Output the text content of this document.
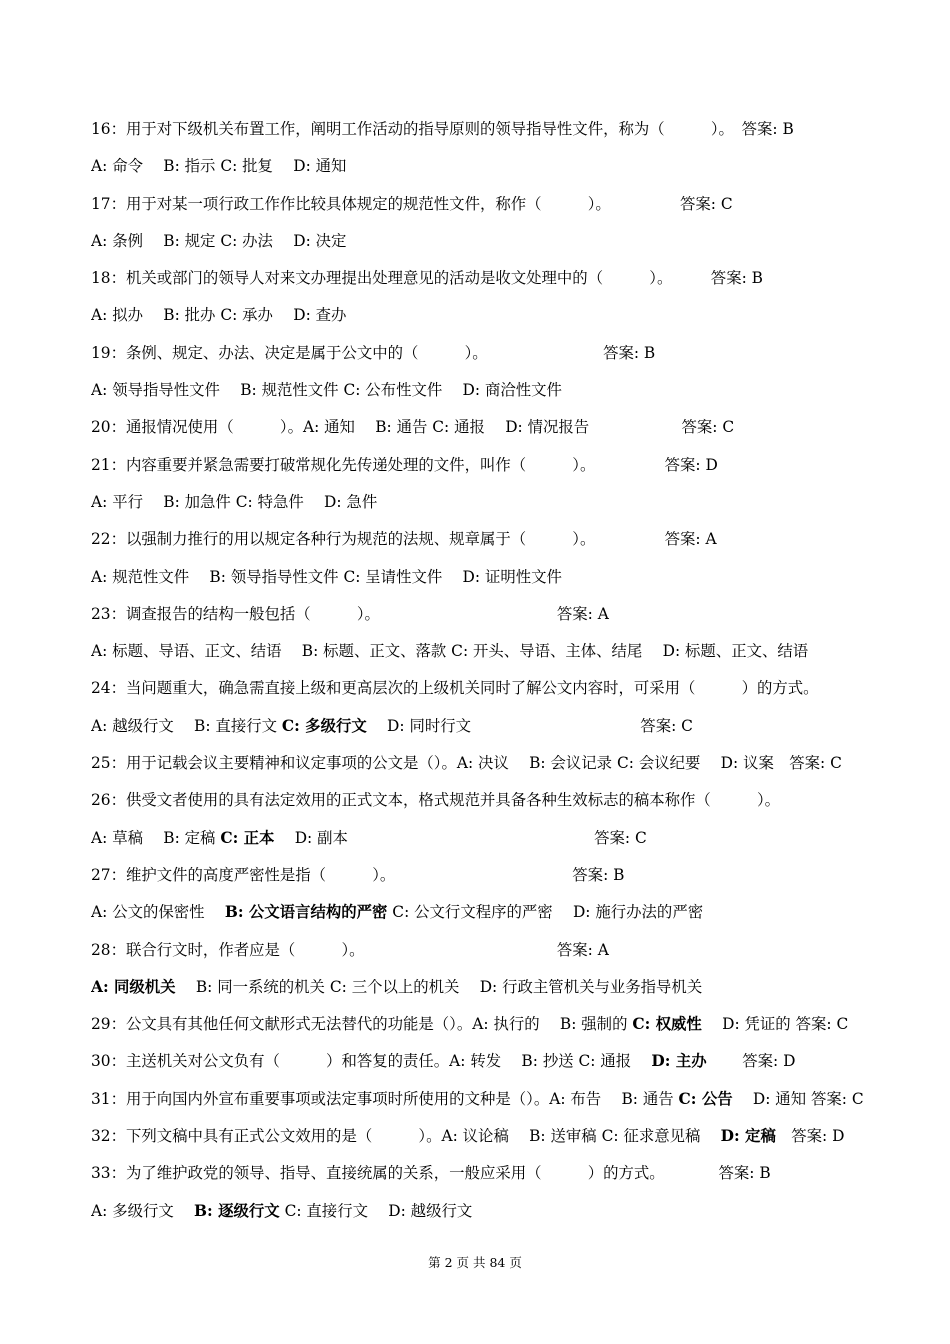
16：用于对下级机关布置工作，阐明工作活动的指导原则的领导指导性文件，称为（　　　）。　答案: B
A: 命令　 B: 指示 C: 批复　 D: 通知
17：用于对某一项行政工作作比较具体规定的规范性文件，称作（　　　）。　　　　　答案: C
A: 条例　 B: 规定 C: 办法　 D: 决定
18：机关或部门的领导人对来文办理提出处理意见的活动是收文处理中的（　　　）。　　　答案: B
A: 拟办　 B: 批办 C: 承办　 D: 查办
19：条例、规定、办法、决定是属于公文中的（　　　）。　　　　　　　　答案: B
A: 领导指导性文件　 B: 规范性文件 C: 公布性文件　 D: 商洽性文件
20：通报情况使用（　　　）。A: 通知　 B: 通告 C: 通报　 D: 情况报告　　　　　　答案: C
21：内容重要并紧急需要打破常规化先传递处理的文件，叫作（　　　）。　　　　　答案: D
A: 平行　 B: 加急件 C: 特急件　 D: 急件
22：以强制力推行的用以规定各种行为规范的法规、规章属于（　　　）。　　　　　答案: A
A: 规范性文件　 B: 领导指导性文件 C: 呈请性文件　 D: 证明性文件
23：调查报告的结构一般包括（　　　）。　　　　　　　　　　　　答案: A
A: 标题、导语、正文、结语　 B: 标题、正文、落款 C: 开头、导语、主体、结尾　 D: 标题、正文、结语
24：当问题重大，确急需直接上级和更高层次的上级机关同时了解公文内容时，可采用（　　　）的方式。
A: 越级行文　 B: 直接行文 C: 多级行文　 D: 同时行文　　　　　　　　　　　答案: C
25：用于记载会议主要精神和议定事项的公文是（）。A: 决议　 B: 会议记录 C: 会议纪要　 D: 议案　答案: C
26：供受文者使用的具有法定效用的正式文本，格式规范并具备各种生效标志的稿本称作（　　　）。
A: 草稿　 B: 定稿 C: 正本　 D: 副本　　　　　　　　　　　　　　　　答案: C
27：维护文件的高度严密性是指（　　　）。　　　　　　　　　　　　答案: B
A: 公文的保密性　 B: 公文语言结构的严密 C: 公文行文程序的严密　 D: 施行办法的严密
28：联合行文时，作者应是（　　　）。　　　　　　　　　　　　　答案: A
A: 同级机关　 B: 同一系统的机关 C: 三个以上的机关　 D: 行政主管机关与业务指导机关
29：公文具有其他任何文献形式无法替代的功能是（）。A: 执行的　 B: 强制的 C: 权威性　 D: 凭证的 答案: C
30：主送机关对公文负有（　　　）和答复的责任。A: 转发　 B: 抄送 C: 通报　 D: 主办　　 答案: D
31：用于向国内外宣布重要事项或法定事项时所使用的文种是（）。A: 布告　 B: 通告 C: 公告　 D: 通知 答案: C
32：下列文稿中具有正式公文效用的是（　　　）。A: 议论稿　 B: 送审稿 C: 征求意见稿　 D: 定稿　答案: D
33：为了维护政党的领导、指导、直接统属的关系，一般应采用（　　　）的方式。　　　　答案: B
A: 多级行文　 B: 逐级行文 C: 直接行文　 D: 越级行文
第 2 页 共 84 页
